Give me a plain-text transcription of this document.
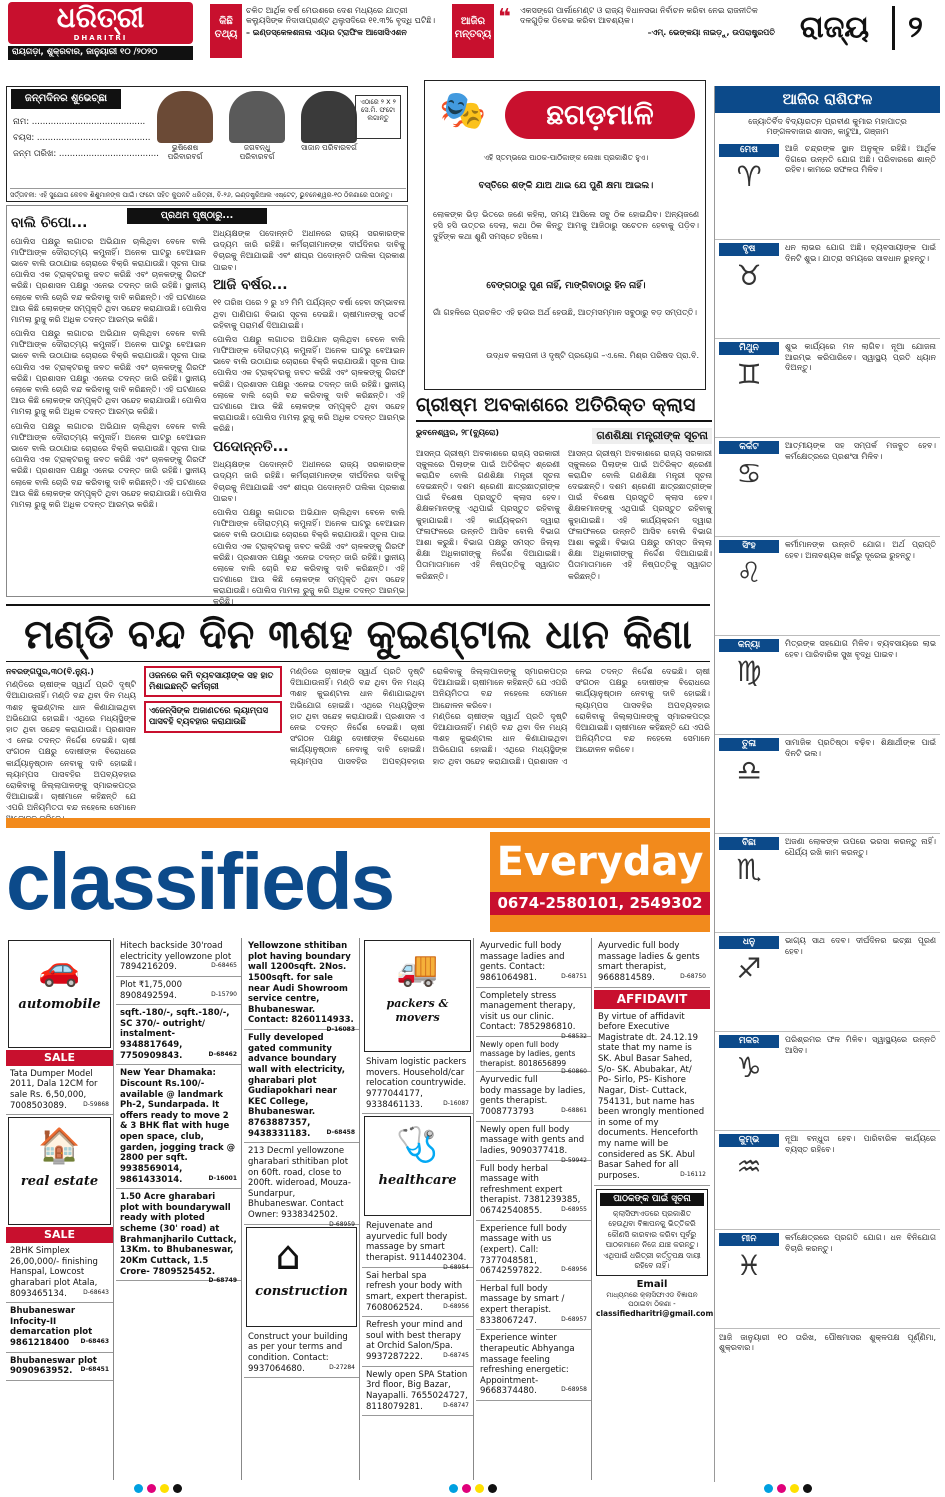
ଧରିତ୍ରୀ
DHARITRI
ରାୟଗଡ଼ା, ଶୁକ୍ରବାର, ଜାନୁୟାରୀ ୧୦ /୨୦୨୦
କିଛି ତଥ୍ୟ
ଚଳିତ ଆର୍ଥିକ ବର୍ଷ ମେଉଶରେ ଦେଶ ମଧ୍ୟରେ ଯାତ୍ରୀ କଲ୍ୟୁସିଙ୍କ ନିଦାସାପ୍ରାଣ୍ଟ ଥିଲୁସଦିରେ ୧୧.୩% ବୃଦ୍ଧି ଘଟିଛି।
– ଇଣ୍ଡସ୍କେଳଶନାଲ ଏୟାର ଟ୍ରାଫିକ ଆସୋସିଏଶନ
ଆଜିର ମନ୍ତବ୍ୟ
❝ ଏକସଙ୍ଗେ ପାର୍ଲାମେଣ୍ଟ ଓ ରାଜ୍ୟ ବିଧାନସଭା ନିର୍ବାଚନ କରିବା ନେଇ ରାଜନୀତିକ ଦଳଗୁଡ଼ିକ ଡିବେଇ କରିବା ଆବଶ୍ୟକ।
–ଏମ୍. ଭେଙ୍କୟା ନାଇଡ଼ୁ, ଉପରାଷ୍ଟ୍ରପତି ରାଜ୍ୟ	୨
ଜନ୍ମଦିନର ଶୁଭେଚ୍ଛା
ନାମ: ..........................................
ବୟସ: ..........................................
ଜନ୍ମ ତାରିଖ: .....................................
ଭୁଷିଶେଷ ପରିବାରବର୍ଗ
ଜଗବନ୍ଧୁ ପରିବାରବର୍ଗ
ସାଜାନ ପରିବାରବର୍ଗ
ଏଠାରେ ୨ X ୨ ସେ.ମି. ଫଟୋ ଲଗାନ୍ତୁ
ସର୍ତ୍ତାବଳୀ: ଏହି ସୁଯୋଗ କେବଳ ଶିଶୁମାନଙ୍କ ପାଇଁ। ଫଟୋ ସହିତ କୁପନଟି ଧରିତ୍ରୀ, ବି-୨୬, ଇଣ୍ଡଷ୍ଟ୍ରିଆଲ ଏଷ୍ଟେଟ୍, ଭୁବନେଶ୍ୱର-୧୦ ଠିକଣାରେ ପଠାନ୍ତୁ।
ପ୍ରଥମ ପୃଷ୍ଠାରୁ...
ବାଲି ଚିପୋ...

ପୋଲିସ ପକ୍ଷରୁ ଲଗାତର ଅଭିଯାନ ଚାଲିଥିବା ବେଳେ ବାଲି ମାଫିଆଙ୍କ ଦୌରାତ୍ମ୍ୟ କମୁନାହିଁ। ଅନେକ ଘାଟରୁ ବେଆଇନ ଭାବେ ବାଲି ଉଠାଯାଇ ଚୋରାରେ ବିକ୍ରି କରାଯାଉଛି। ସୂଚନା ପାଇ ପୋଲିସ ଏକ ଟ୍ରାକ୍ଟରକୁ ଜବତ କରିଛି ଏବଂ ଚାଳକଙ୍କୁ ଗିରଫ କରିଛି। ପ୍ରଶାସନ ପକ୍ଷରୁ ଏନେଇ ତଦନ୍ତ ଜାରି ରହିଛି। ସ୍ଥାନୀୟ ଲୋକେ ବାଲି ଚୋରି ବନ୍ଦ କରିବାକୁ ଦାବି କରିଛନ୍ତି। ଏହି ଘଟଣାରେ ଆଉ କିଛି ଲୋକଙ୍କ ସମ୍ପୃକ୍ତି ଥିବା ସନ୍ଦେହ କରାଯାଉଛି। ପୋଲିସ ମାମଲା ରୁଜୁ କରି ଅଧିକ ତଦନ୍ତ ଆରମ୍ଭ କରିଛି।

ପୋଲିସ ପକ୍ଷରୁ ଲଗାତର ଅଭିଯାନ ଚାଲିଥିବା ବେଳେ ବାଲି ମାଫିଆଙ୍କ ଦୌରାତ୍ମ୍ୟ କମୁନାହିଁ। ଅନେକ ଘାଟରୁ ବେଆଇନ ଭାବେ ବାଲି ଉଠାଯାଇ ଚୋରାରେ ବିକ୍ରି କରାଯାଉଛି। ସୂଚନା ପାଇ ପୋଲିସ ଏକ ଟ୍ରାକ୍ଟରକୁ ଜବତ କରିଛି ଏବଂ ଚାଳକଙ୍କୁ ଗିରଫ କରିଛି। ପ୍ରଶାସନ ପକ୍ଷରୁ ଏନେଇ ତଦନ୍ତ ଜାରି ରହିଛି। ସ୍ଥାନୀୟ ଲୋକେ ବାଲି ଚୋରି ବନ୍ଦ କରିବାକୁ ଦାବି କରିଛନ୍ତି। ଏହି ଘଟଣାରେ ଆଉ କିଛି ଲୋକଙ୍କ ସମ୍ପୃକ୍ତି ଥିବା ସନ୍ଦେହ କରାଯାଉଛି। ପୋଲିସ ମାମଲା ରୁଜୁ କରି ଅଧିକ ତଦନ୍ତ ଆରମ୍ଭ କରିଛି।

ପୋଲିସ ପକ୍ଷରୁ ଲଗାତର ଅଭିଯାନ ଚାଲିଥିବା ବେଳେ ବାଲି ମାଫିଆଙ୍କ ଦୌରାତ୍ମ୍ୟ କମୁନାହିଁ। ଅନେକ ଘାଟରୁ ବେଆଇନ ଭାବେ ବାଲି ଉଠାଯାଇ ଚୋରାରେ ବିକ୍ରି କରାଯାଉଛି। ସୂଚନା ପାଇ ପୋଲିସ ଏକ ଟ୍ରାକ୍ଟରକୁ ଜବତ କରିଛି ଏବଂ ଚାଳକଙ୍କୁ ଗିରଫ କରିଛି। ପ୍ରଶାସନ ପକ୍ଷରୁ ଏନେଇ ତଦନ୍ତ ଜାରି ରହିଛି। ସ୍ଥାନୀୟ ଲୋକେ ବାଲି ଚୋରି ବନ୍ଦ କରିବାକୁ ଦାବି କରିଛନ୍ତି। ଏହି ଘଟଣାରେ ଆଉ କିଛି ଲୋକଙ୍କ ସମ୍ପୃକ୍ତି ଥିବା ସନ୍ଦେହ କରାଯାଉଛି। ପୋଲିସ ମାମଲା ରୁଜୁ କରି ଅଧିକ ତଦନ୍ତ ଆରମ୍ଭ କରିଛି।

ଅଧ୍ୟକ୍ଷଙ୍କ ପଦୋନ୍ନତି ଅଧୀନରେ ରାଜ୍ୟ ସରକାରଙ୍କ ଉଦ୍ୟମ ଜାରି ରହିଛି। କର୍ମଚାରୀମାନଙ୍କ ଦୀର୍ଘଦିନର ଦାବିକୁ ବିଚାରକୁ ନିଆଯାଇଛି ଏବଂ ଶୀଘ୍ର ପଦୋନ୍ନତି ତାଲିକା ପ୍ରକାଶ ପାଇବ।

ଆଜି ବର୍ଷର...

୧୧ ତାରିଖ ପରେ ୨ ରୁ ୪୨ ମିମି ପର୍ଯ୍ୟନ୍ତ ବର୍ଷା ହେବା ସମ୍ଭାବନା ଥିବା ପାଣିପାଗ ବିଭାଗ ସୂଚନା ଦେଇଛି। ଚାଷୀମାନଙ୍କୁ ସତର୍କ ରହିବାକୁ ପରାମର୍ଶ ଦିଆଯାଇଛି।

ପୋଲିସ ପକ୍ଷରୁ ଲଗାତର ଅଭିଯାନ ଚାଲିଥିବା ବେଳେ ବାଲି ମାଫିଆଙ୍କ ଦୌରାତ୍ମ୍ୟ କମୁନାହିଁ। ଅନେକ ଘାଟରୁ ବେଆଇନ ଭାବେ ବାଲି ଉଠାଯାଇ ଚୋରାରେ ବିକ୍ରି କରାଯାଉଛି। ସୂଚନା ପାଇ ପୋଲିସ ଏକ ଟ୍ରାକ୍ଟରକୁ ଜବତ କରିଛି ଏବଂ ଚାଳକଙ୍କୁ ଗିରଫ କରିଛି। ପ୍ରଶାସନ ପକ୍ଷରୁ ଏନେଇ ତଦନ୍ତ ଜାରି ରହିଛି। ସ୍ଥାନୀୟ ଲୋକେ ବାଲି ଚୋରି ବନ୍ଦ କରିବାକୁ ଦାବି କରିଛନ୍ତି। ଏହି ଘଟଣାରେ ଆଉ କିଛି ଲୋକଙ୍କ ସମ୍ପୃକ୍ତି ଥିବା ସନ୍ଦେହ କରାଯାଉଛି। ପୋଲିସ ମାମଲା ରୁଜୁ କରି ଅଧିକ ତଦନ୍ତ ଆରମ୍ଭ କରିଛି।

ପଦୋନ୍ନତି...

ଅଧ୍ୟକ୍ଷଙ୍କ ପଦୋନ୍ନତି ଅଧୀନରେ ରାଜ୍ୟ ସରକାରଙ୍କ ଉଦ୍ୟମ ଜାରି ରହିଛି। କର୍ମଚାରୀମାନଙ୍କ ଦୀର୍ଘଦିନର ଦାବିକୁ ବିଚାରକୁ ନିଆଯାଇଛି ଏବଂ ଶୀଘ୍ର ପଦୋନ୍ନତି ତାଲିକା ପ୍ରକାଶ ପାଇବ।

ପୋଲିସ ପକ୍ଷରୁ ଲଗାତର ଅଭିଯାନ ଚାଲିଥିବା ବେଳେ ବାଲି ମାଫିଆଙ୍କ ଦୌରାତ୍ମ୍ୟ କମୁନାହିଁ। ଅନେକ ଘାଟରୁ ବେଆଇନ ଭାବେ ବାଲି ଉଠାଯାଇ ଚୋରାରେ ବିକ୍ରି କରାଯାଉଛି। ସୂଚନା ପାଇ ପୋଲିସ ଏକ ଟ୍ରାକ୍ଟରକୁ ଜବତ କରିଛି ଏବଂ ଚାଳକଙ୍କୁ ଗିରଫ କରିଛି। ପ୍ରଶାସନ ପକ୍ଷରୁ ଏନେଇ ତଦନ୍ତ ଜାରି ରହିଛି। ସ୍ଥାନୀୟ ଲୋକେ ବାଲି ଚୋରି ବନ୍ଦ କରିବାକୁ ଦାବି କରିଛନ୍ତି। ଏହି ଘଟଣାରେ ଆଉ କିଛି ଲୋକଙ୍କ ସମ୍ପୃକ୍ତି ଥିବା ସନ୍ଦେହ କରାଯାଉଛି। ପୋଲିସ ମାମଲା ରୁଜୁ କରି ଅଧିକ ତଦନ୍ତ ଆରମ୍ଭ କରିଛି।

🎭	ଛଗଡ଼ମାଳି
ଏହି ସ୍ତମ୍ଭରେ ପାଠକ-ପାଠିକାଙ୍କ ଲେଖା ପ୍ରକାଶିତ ହୁଏ।
ବସ୍ତିରେ ଶଙ୍କି ଯାଅ ଥାଇ ଯେ ପୁଣି କ୍ଷମା ଆଇଲ।
ଲୋକଙ୍କ ଭିଡ଼ ଭିତରେ ଜଣେ କହିଲା, ସମୟ ଆସିଲେ ସବୁ ଠିକ ହୋଇଯିବ। ଅନ୍ୟଜଣେ ହସି ହସି ଉତ୍ତର ଦେଲା, କଥା ଠିକ କିନ୍ତୁ ଆମକୁ ଆଜିଠାରୁ ସଚେତନ ହେବାକୁ ପଡ଼ିବ। ଦୁହିଁଙ୍କ କଥା ଶୁଣି ସମସ୍ତେ ହସିଲେ।
ବେଙ୍ଗଠାରୁ ପୁଣ ନାହିଁ, ମାଙ୍ଗିବାଠାରୁ ହିନ ନାହିଁ।
ଗାଁ ଗହଳିରେ ପ୍ରଚଳିତ ଏହି ଢଗର ଅର୍ଥ ହେଉଛି, ଆତ୍ମସମ୍ମାନ ସବୁଠାରୁ ବଡ଼ ସମ୍ପତ୍ତି।
ଉଦ୍ଧବ କଲାପନୀ ଓ ଦୃଷ୍ଟି ପ୍ରୟୋଗ –ଏ.ଲେ. ମିଶ୍ର ପରିଷଦ ପ୍ରା.ବି.
ଗ୍ରୀଷ୍ମ ଅବକାଶରେ ଅତିରିକ୍ତ କ୍ଲାସ
ଭୁବନେଶ୍ୱର, ୨୮(ବ୍ୟୁରୋ)	ଗଣଶିକ୍ଷା ମନ୍ତ୍ରୀଙ୍କ ସୂଚନା

ଆସନ୍ତା ଗ୍ରୀଷ୍ମ ଅବକାଶରେ ରାଜ୍ୟ ସରକାରୀ ସ୍କୁଲରେ ପିଲାଙ୍କ ପାଇଁ ଅତିରିକ୍ତ ଶ୍ରେଣୀ କରାଯିବ ବୋଲି ଗଣଶିକ୍ଷା ମନ୍ତ୍ରୀ ସୂଚନା ଦେଇଛନ୍ତି। ଦଶମ ଶ୍ରେଣୀ ଛାତ୍ରଛାତ୍ରୀଙ୍କ ପାଇଁ ବିଶେଷ ପ୍ରସ୍ତୁତି କ୍ଲାସ ହେବ। ଶିକ୍ଷକମାନଙ୍କୁ ଏଥିପାଇଁ ପ୍ରସ୍ତୁତ ରହିବାକୁ କୁହାଯାଇଛି। ଏହି କାର୍ଯ୍ୟକ୍ରମ ଦ୍ୱାରା ଫଳାଫଳରେ ଉନ୍ନତି ଆସିବ ବୋଲି ବିଭାଗ ଆଶା କରୁଛି। ବିଭାଗ ପକ୍ଷରୁ ସମସ୍ତ ଜିଲ୍ଲା ଶିକ୍ଷା ଅଧିକାରୀଙ୍କୁ ନିର୍ଦ୍ଦେଶ ଦିଆଯାଇଛି। ପିତାମାତାମାନେ ଏହି ନିଷ୍ପତ୍ତିକୁ ସ୍ୱାଗତ କରିଛନ୍ତି।

ଆସନ୍ତା ଗ୍ରୀଷ୍ମ ଅବକାଶରେ ରାଜ୍ୟ ସରକାରୀ ସ୍କୁଲରେ ପିଲାଙ୍କ ପାଇଁ ଅତିରିକ୍ତ ଶ୍ରେଣୀ କରାଯିବ ବୋଲି ଗଣଶିକ୍ଷା ମନ୍ତ୍ରୀ ସୂଚନା ଦେଇଛନ୍ତି। ଦଶମ ଶ୍ରେଣୀ ଛାତ୍ରଛାତ୍ରୀଙ୍କ ପାଇଁ ବିଶେଷ ପ୍ରସ୍ତୁତି କ୍ଲାସ ହେବ। ଶିକ୍ଷକମାନଙ୍କୁ ଏଥିପାଇଁ ପ୍ରସ୍ତୁତ ରହିବାକୁ କୁହାଯାଇଛି। ଏହି କାର୍ଯ୍ୟକ୍ରମ ଦ୍ୱାରା ଫଳାଫଳରେ ଉନ୍ନତି ଆସିବ ବୋଲି ବିଭାଗ ଆଶା କରୁଛି। ବିଭାଗ ପକ୍ଷରୁ ସମସ୍ତ ଜିଲ୍ଲା ଶିକ୍ଷା ଅଧିକାରୀଙ୍କୁ ନିର୍ଦ୍ଦେଶ ଦିଆଯାଇଛି। ପିତାମାତାମାନେ ଏହି ନିଷ୍ପତ୍ତିକୁ ସ୍ୱାଗତ କରିଛନ୍ତି।

ଆଜିର ରାଶିଫଳ
ଜ୍ୟୋତିର୍ବିଦ ବିଦ୍ୟାରତ୍ନ ପ୍ରବୀଣ କୁମାର ମହାପାତ୍ର
ମଙ୍ଗଳବାଜାର ଶାସନ, କାଟୁଆ, ଗଞ୍ଜାମ
ମେଷ
♈
ଆଜି ଚନ୍ଦ୍ରଙ୍କ ସ୍ଥାନ ଅନୁକୂଳ ରହିଛି। ଆର୍ଥିକ ଦିଗରେ ଉନ୍ନତି ଯୋଗ ଅଛି। ପରିବାରରେ ଶାନ୍ତି ରହିବ। କାମରେ ସଫଳତା ମିଳିବ।
ବୃଷ
♉
ଧନ ଲାଭର ଯୋଗ ଅଛି। ବ୍ୟବସାୟୀଙ୍କ ପାଇଁ ଦିନଟି ଶୁଭ। ଯାତ୍ରା ସମୟରେ ସାବଧାନ ରୁହନ୍ତୁ।
ମିଥୁନ
♊
ଶୁଭ କାର୍ଯ୍ୟରେ ମନ ଲାଗିବ। ନୂଆ ଯୋଜନା ଆରମ୍ଭ କରିପାରିବେ। ସ୍ୱାସ୍ଥ୍ୟ ପ୍ରତି ଧ୍ୟାନ ଦିଅନ୍ତୁ।
କର୍କଟ
♋
ଆତ୍ମୀୟଙ୍କ ସହ ସମ୍ପର୍କ ମଜବୁତ ହେବ। କର୍ମକ୍ଷେତ୍ରରେ ପ୍ରଶଂସା ମିଳିବ।
ସିଂହ
♌
କର୍ମୀମାନଙ୍କ ଉନ୍ନତି ଯୋଗ। ଅର୍ଥ ପ୍ରାପ୍ତି ହେବ। ଅନାବଶ୍ୟକ ଖର୍ଚ୍ଚରୁ ଦୂରେଇ ରୁହନ୍ତୁ।
କନ୍ୟା
♍
ମିତ୍ରଙ୍କ ସହଯୋଗ ମିଳିବ। ବ୍ୟବସାୟରେ ଲାଭ ହେବ। ପାରିବାରିକ ସୁଖ ବୃଦ୍ଧି ପାଇବ।
ତୁଳା
♎
ସାମାଜିକ ପ୍ରତିଷ୍ଠା ବଢ଼ିବ। ଶିକ୍ଷାର୍ଥୀଙ୍କ ପାଇଁ ଦିନଟି ଭଲ।
ବିଛା
♏
ଅଜଣା ଲୋକଙ୍କ ଉପରେ ଭରସା କରନ୍ତୁ ନାହିଁ। ଧୈର୍ଯ୍ୟ ରଖି କାମ କରନ୍ତୁ।
ଧନୁ
♐
ଭାଗ୍ୟ ସାଥ ଦେବ। ଦୀର୍ଘଦିନର ଇଚ୍ଛା ପୂରଣ ହେବ।
ମକର
♑
ପରିଶ୍ରମର ଫଳ ମିଳିବ। ସ୍ୱାସ୍ଥ୍ୟରେ ଉନ୍ନତି ଆସିବ।
କୁମ୍ଭ
♒
ନୂଆ ବନ୍ଧୁତା ହେବ। ପାରିବାରିକ କାର୍ଯ୍ୟରେ ବ୍ୟସ୍ତ ରହିବେ।
ମୀନ
♓
କର୍ମକ୍ଷେତ୍ରରେ ପ୍ରଗତି ଯୋଗ। ଧନ ବିନିଯୋଗ ବିଚାରି କରନ୍ତୁ।
ଆଜି ଜାନୁୟାରୀ ୧୦ ତାରିଖ, ପୌଷମାସର ଶୁକ୍ଳପକ୍ଷ ପୂର୍ଣ୍ଣିମା, ଶୁକ୍ରବାର।
ମଣ୍ଡି ବନ୍ଦ ଦିନ ୩ଶହ କୁଇଣ୍ଟାଲ ଧାନ କିଣା
ନବରଙ୍ଗପୁର,୩୦(ବି.ନ୍ୟୁ.)
ମଣ୍ଡିରେ ଚାଷୀଙ୍କ ସ୍ୱାର୍ଥ ପ୍ରତି ଦୃଷ୍ଟି ଦିଆଯାଉନାହିଁ। ମଣ୍ଡି ବନ୍ଦ ଥିବା ଦିନ ମଧ୍ୟ ୩ଶହ କୁଇଣ୍ଟାଲ ଧାନ କିଣାଯାଇଥିବା ଅଭିଯୋଗ ହୋଇଛି। ଏଥିରେ ମଧ୍ୟସ୍ଥିଙ୍କ ହାତ ଥିବା ସନ୍ଦେହ କରାଯାଉଛି। ପ୍ରଶାସନ ଏ ନେଇ ତଦନ୍ତ ନିର୍ଦ୍ଦେଶ ଦେଇଛି। ଚାଷୀ ସଂଗଠନ ପକ୍ଷରୁ ଦୋଷୀଙ୍କ ବିରୋଧରେ କାର୍ଯ୍ୟାନୁଷ୍ଠାନ ନେବାକୁ ଦାବି ହୋଇଛି। ଲ୍ୟାମ୍ପସ ପାସବହିର ଅପବ୍ୟବହାର ରୋକିବାକୁ ଜିଲ୍ଲାପାଳଙ୍କୁ ସ୍ମାରକପତ୍ର ଦିଆଯାଇଛି। ଚାଷୀମାନେ କହିଛନ୍ତି ଯେ ଏପରି ଅନିୟମିତତା ବନ୍ଦ ନହେଲେ ସେମାନେ
ଓଜନରେ କମି ବ୍ୟବସାୟୀଙ୍କ ସହ ହାତ ମିଶାଇଛନ୍ତି କର୍ମଚାରୀ
ଏଜେନ୍ସିଙ୍କ ଅଜାଣତରେ ଲ୍ୟାମ୍ପସ ପାସବହି ବ୍ୟବହାର କରାଯାଉଛି

ମଣ୍ଡିରେ ଚାଷୀଙ୍କ ସ୍ୱାର୍ଥ ପ୍ରତି ଦୃଷ୍ଟି ଦିଆଯାଉନାହିଁ। ମଣ୍ଡି ବନ୍ଦ ଥିବା ଦିନ ମଧ୍ୟ ୩ଶହ କୁଇଣ୍ଟାଲ ଧାନ କିଣାଯାଇଥିବା ଅଭିଯୋଗ ହୋଇଛି। ଏଥିରେ ମଧ୍ୟସ୍ଥିଙ୍କ ହାତ ଥିବା ସନ୍ଦେହ କରାଯାଉଛି। ପ୍ରଶାସନ ଏ ନେଇ ତଦନ୍ତ ନିର୍ଦ୍ଦେଶ ଦେଇଛି। ଚାଷୀ ସଂଗଠନ ପକ୍ଷରୁ ଦୋଷୀଙ୍କ ବିରୋଧରେ କାର୍ଯ୍ୟାନୁଷ୍ଠାନ ନେବାକୁ ଦାବି ହୋଇଛି। ଲ୍ୟାମ୍ପସ ପାସବହିର ଅପବ୍ୟବହାର ରୋକିବାକୁ ଜିଲ୍ଲାପାଳଙ୍କୁ ସ୍ମାରକପତ୍ର ଦିଆଯାଇଛି। ଚାଷୀମାନେ କହିଛନ୍ତି ଯେ ଏପରି ଅନିୟମିତତା ବନ୍ଦ ନହେଲେ ସେମାନେ ଆନ୍ଦୋଳନ କରିବେ।

ମଣ୍ଡିରେ ଚାଷୀଙ୍କ ସ୍ୱାର୍ଥ ପ୍ରତି ଦୃଷ୍ଟି ଦିଆଯାଉନାହିଁ। ମଣ୍ଡି ବନ୍ଦ ଥିବା ଦିନ ମଧ୍ୟ ୩ଶହ କୁଇଣ୍ଟାଲ ଧାନ କିଣାଯାଇଥିବା ଅଭିଯୋଗ ହୋଇଛି। ଏଥିରେ ମଧ୍ୟସ୍ଥିଙ୍କ ହାତ ଥିବା ସନ୍ଦେହ କରାଯାଉଛି। ପ୍ରଶାସନ ଏ ନେଇ ତଦନ୍ତ ନିର୍ଦ୍ଦେଶ ଦେଇଛି। ଚାଷୀ ସଂଗଠନ ପକ୍ଷରୁ ଦୋଷୀଙ୍କ ବିରୋଧରେ କାର୍ଯ୍ୟାନୁଷ୍ଠାନ ନେବାକୁ ଦାବି ହୋଇଛି। ଲ୍ୟାମ୍ପସ ପାସବହିର ଅପବ୍ୟବହାର ରୋକିବାକୁ ଜିଲ୍ଲାପାଳଙ୍କୁ ସ୍ମାରକପତ୍ର ଦିଆଯାଇଛି। ଚାଷୀମାନେ କହିଛନ୍ତି ଯେ ଏପରି ଅନିୟମିତତା ବନ୍ଦ ନହେଲେ ସେମାନେ ଆନ୍ଦୋଳନ କରିବେ।

classifieds	Everyday
0674-2580101, 2549302
🚗
automobile
SALE
Tata Dumper Model 2011, Dala 12CM for sale Rs. 6,50,000, 7008503089.	D-59868
🏠
real estate
SALE
2BHK Simplex 26,00,000/- finishing Hanspal, Lowcost gharabari plot Atala, 8093465134.	D-68643
Bhubaneswar Infocity-II demarcation plot 9861218400 D-68463
Bhubaneswar plot 9090963952. D-68451
Hitech backside 30'road electricity yellowzone plot 7894216209.	D-68465
Plot ₹1,75,000 8908492594.	D-15790
sqft.-180/-, sqft.-180/-, SC 370/- outright/ instalment- 9348817649, 7750909843.	D-68462
New Year Dhamaka: Discount Rs.100/- available @ landmark Ph-2, Sundarpada. It offers ready to move 2 & 3 BHK flat with huge open space, club, garden, jogging track @ 2800 per sqft. 9938569014, 9861433014.	D-16001
1.50 Acre gharabari plot with boundarywall ready with ploted scheme (30' road) at Brahmanjharilo Cuttack, 13Km. to Bhubaneswar, 20Km Cuttack, 1.5 Crore- 7809525452.
D-68749
Yellowzone sthitiban plot having boundary wall 1200sqft. 2Nos. 1500sqft. for sale near Audi Showroom service centre, Bhubaneswar. Contact: 8260114933.
D-16083
Fully developed gated community advance boundary wall with electricity, gharabari plot Gudiapokhari near KEC College, Bhubaneswar. 8763887357, 9438331183.	D-68458
213 Decml yellowzone gharabari sthitiban plot on 60ft. road, close to 200ft. wideroad, Mouza- Sundarpur, Bhubaneswar. Contact Owner: 9338342502.
D-68959
⌂
construction
Construct your building as per your terms and condition. Contact: 9937064680.	D-27284
🚚
packers & movers
Shivam logistic packers movers. Household/car relocation countrywide. 9777044177, 9338461133.	D-16087
🩺
healthcare
Rejuvenate and ayurvedic full body massage by smart therapist. 9114402304.
D-68954
Sai herbal spa refresh your body with smart, expert therapist. 7608062524.	D-68956
Refresh your mind and soul with best therapy at Orchid Salon/Spa. 9937287222.	D-68745
Newly open SPA Station 3rd floor, Big Bazar, Nayapalli. 7655024727, 8118079281.	D-68747
Ayurvedic full body massage ladies and gents. Contact: 9861064981.	D-68751
Completely stress management therapy, visit us our clinic. Contact: 7852986810.
D-68532
Newly open full body massage by ladies, gents therapist. 8018656899
D-60860
Ayurvedic full body massage by ladies, gents therapist. 7008773793	D-68861
Newly open full body massage with gents and ladies, 9090377418.
D-59942
Full body herbal massage with refreshment expert therapist. 7381239385, 06742540855.	D-68955
Experience full body massage with us (expert). Call: 7377048581, 06742597822.	D-68956
Herbal full body massage by smart / expert therapist. 8338067247.	D-68957
Experience winter therapeutic Abhyanga massage feeling refreshing energetic: Appointment- 9668374480.	D-68958
Ayurvedic full body massage ladies & gents smart therapist, 9668814589.	D-68750
AFFIDAVIT
By virtue of affidavit before Executive Magistrate dt. 24.12.19 state that my name is SK. Abul Basar Sahed, S/o- SK. Abubakar, At/ Po- Sirlo, PS- Kishore Nagar, Dist- Cuttack, 754131, but name has been wrongly mentioned in some of my documents. Henceforth my name will be considered as SK. Abul Basar Sahed for all purposes.	D-16112
ପାଠକଙ୍କ ପାଇଁ ସୂଚନା
କ୍ଲାସିଫାଏଡରେ ପ୍ରକାଶିତ ହେଉଥିବା ବିଜ୍ଞାପନକୁ ଭିତ୍ତିକରି କୌଣସି କାରବାର କରିବା ପୂର୍ବରୁ ପାଠକମାନେ ନିଜେ ଯାଞ୍ଚ କରନ୍ତୁ। ଏଥିପାଇଁ ଧରିତ୍ରୀ କର୍ତ୍ତୃପକ୍ଷ ଦାୟୀ ରହିବେ ନାହିଁ।
Email
ମାଧ୍ୟମରେ କ୍ଲାସିଫାଏଡ ବିଜ୍ଞାପନ ପଠାଇବା ଠିକଣା -
classifiedharitri@gmail.com
